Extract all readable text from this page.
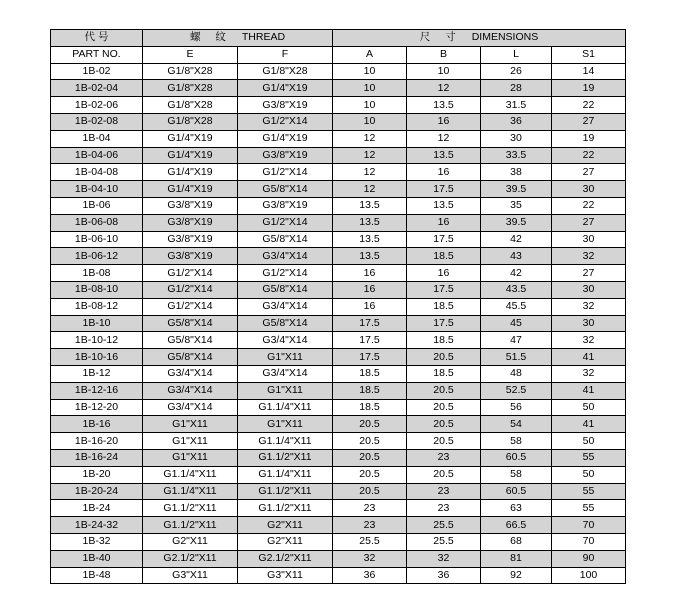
代 号	螺 纹 THREAD		尺 寸 DIMENSIONS			
PART NO.	E	F	A	B	L	S1
1B-02	G1/8"X28	G1/8"X28	10	10	26	14
1B-02-04	G1/8"X28	G1/4"X19	10	12	28	19
1B-02-06	G1/8"X28	G3/8"X19	10	13.5	31.5	22
1B-02-08	G1/8"X28	G1/2"X14	10	16	36	27
1B-04	G1/4"X19	G1/4"X19	12	12	30	19
1B-04-06	G1/4"X19	G3/8"X19	12	13.5	33.5	22
1B-04-08	G1/4"X19	G1/2"X14	12	16	38	27
1B-04-10	G1/4"X19	G5/8"X14	12	17.5	39.5	30
1B-06	G3/8"X19	G3/8"X19	13.5	13.5	35	22
1B-06-08	G3/8"X19	G1/2"X14	13.5	16	39.5	27
1B-06-10	G3/8"X19	G5/8"X14	13.5	17.5	42	30
1B-06-12	G3/8"X19	G3/4"X14	13.5	18.5	43	32
1B-08	G1/2"X14	G1/2"X14	16	16	42	27
1B-08-10	G1/2"X14	G5/8"X14	16	17.5	43.5	30
1B-08-12	G1/2"X14	G3/4"X14	16	18.5	45.5	32
1B-10	G5/8"X14	G5/8"X14	17.5	17.5	45	30
1B-10-12	G5/8"X14	G3/4"X14	17.5	18.5	47	32
1B-10-16	G5/8"X14	G1"X11	17.5	20.5	51.5	41
1B-12	G3/4"X14	G3/4"X14	18.5	18.5	48	32
1B-12-16	G3/4"X14	G1"X11	18.5	20.5	52.5	41
1B-12-20	G3/4"X14	G1.1/4"X11	18.5	20.5	56	50
1B-16	G1"X11	G1"X11	20.5	20.5	54	41
1B-16-20	G1"X11	G1.1/4"X11	20.5	20.5	58	50
1B-16-24	G1"X11	G1.1/2"X11	20.5	23	60.5	55
1B-20	G1.1/4"X11	G1.1/4"X11	20.5	20.5	58	50
1B-20-24	G1.1/4"X11	G1.1/2"X11	20.5	23	60.5	55
1B-24	G1.1/2"X11	G1.1/2"X11	23	23	63	55
1B-24-32	G1.1/2"X11	G2"X11	23	25.5	66.5	70
1B-32	G2"X11	G2"X11	25.5	25.5	68	70
1B-40	G2.1/2"X11	G2.1/2"X11	32	32	81	90
1B-48	G3"X11	G3"X11	36	36	92	100
